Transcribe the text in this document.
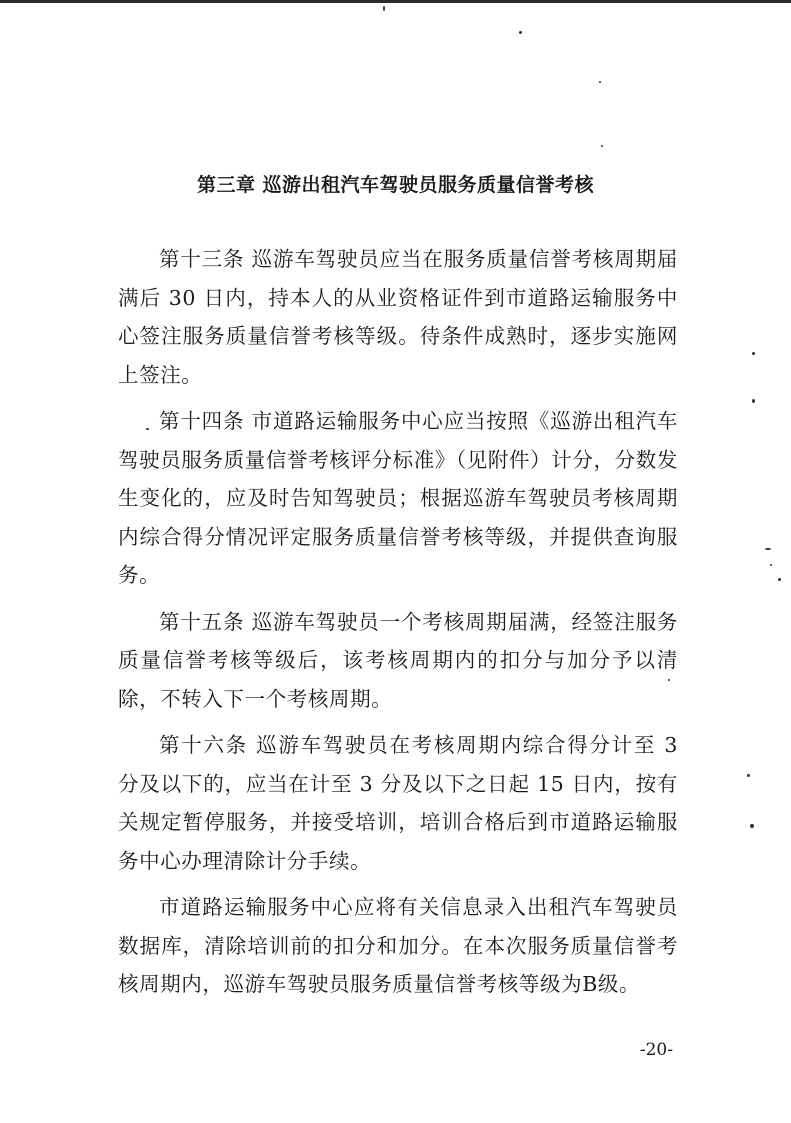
第三章 巡游出租汽车驾驶员服务质量信誉考核

第十三条 巡游车驾驶员应当在服务质量信誉考核周期届满后 30 日内，持本人的从业资格证件到市道路运输服务中心签注服务质量信誉考核等级。待条件成熟时，逐步实施网上签注。

第十四条 市道路运输服务中心应当按照《巡游出租汽车驾驶员服务质量信誉考核评分标准》（见附件）计分，分数发生变化的，应及时告知驾驶员；根据巡游车驾驶员考核周期内综合得分情况评定服务质量信誉考核等级，并提供查询服务。

第十五条 巡游车驾驶员一个考核周期届满，经签注服务质量信誉考核等级后，该考核周期内的扣分与加分予以清除，不转入下一个考核周期。

第十六条 巡游车驾驶员在考核周期内综合得分计至 3 分及以下的，应当在计至 3 分及以下之日起 15 日内，按有关规定暂停服务，并接受培训，培训合格后到市道路运输服务中心办理清除计分手续。

市道路运输服务中心应将有关信息录入出租汽车驾驶员数据库，清除培训前的扣分和加分。在本次服务质量信誉考核周期内，巡游车驾驶员服务质量信誉考核等级为B级。

-20-
